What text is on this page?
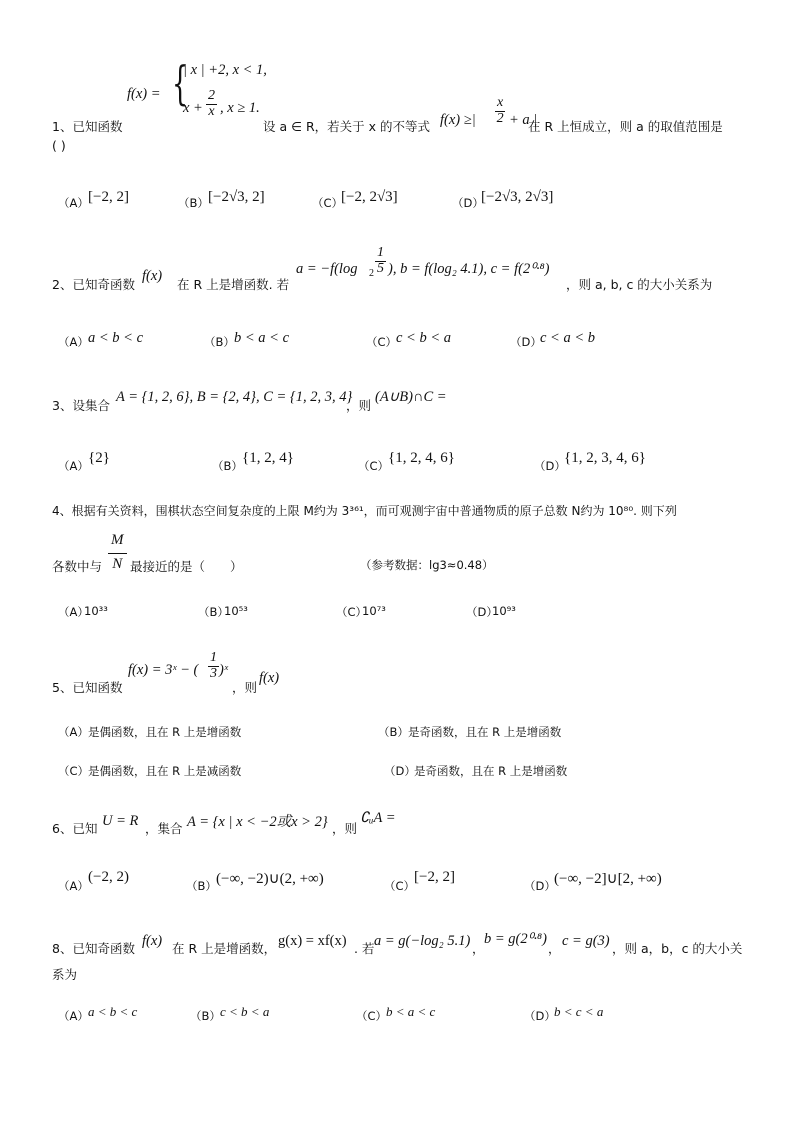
f(x) = {
| x | +2, x < 1,
$x + \frac{2}{x}$ , x ≥ 1.
1、已知函数	设 a ∈ R，若关于 x 的不等式 f(x) ≥| $\frac{x}{2} + a$ |
在 R 上恒成立，则 a 的取值范围是
( )
（A） [−2, 2]	（B） [−2√3, 2]	（C）
[−2, 2√3]	（D）
[−2√3, 2√3]
2、已知奇函数
f(x)
在 R 上是增函数. 若
a = −f(log $2 \frac{1}{5}$ ), b = f(log₂ 4.1), c = f(2⁰·⁸)
，则 a, b, c 的大小关系为
（A） a < b < c	（B） b < a < c	（C）
c < b < a	（D）
c < a < b
3、设集合
A = {1, 2, 6}, B = {2, 4}, C = {1, 2, 3, 4}
，则
(A∪B)∩C =
（A） {2}	（B） {1, 2, 4}	（C）
{1, 2, 4, 6}	（D）
{1, 2, 3, 4, 6}
4、根据有关资料，围棋状态空间复杂度的上限 M约为 3³⁶¹，而可观测宇宙中普通物质的原子总数 N约为 10⁸⁰. 则下列
各数中与 $\frac{M}{N}$ 最接近的是（　　）	（参考数据：lg3≈0.48）
（A）
10³³	（B）
10⁵³	（C）
10⁷³	（D）
10⁹³
5、已知函数
f(x) = 3ˣ − ( $\frac{1}{3}$ )ˣ
，则
f(x)
（A） 是偶函数，且在 R 上是增函数	（B） 是奇函数，且在 R 上是增函数
（C）
是偶函数，且在 R 上是减函数	（D）
是奇函数，且在 R 上是增函数
6、已知 U = R ，集合 A = {x | x < −2或x > 2} ，则
∁ᵤA =
（A）
(−2, 2)
（B） (−∞, −2)∪(2, +∞)	（C）
[−2, 2]
（D）
(−∞, −2]∪[2, +∞)
8、已知奇函数 f(x) 在 R 上是增函数， g(x) = xf(x) . 若 a = g(−log₂ 5.1) ，
b = g(2⁰·⁸)
， c = g(3) ，则 a，b，c 的大小关
系为
（A） a < b < c	（B） c < b < a	（C）
b < a < c	（D）
b < c < a
